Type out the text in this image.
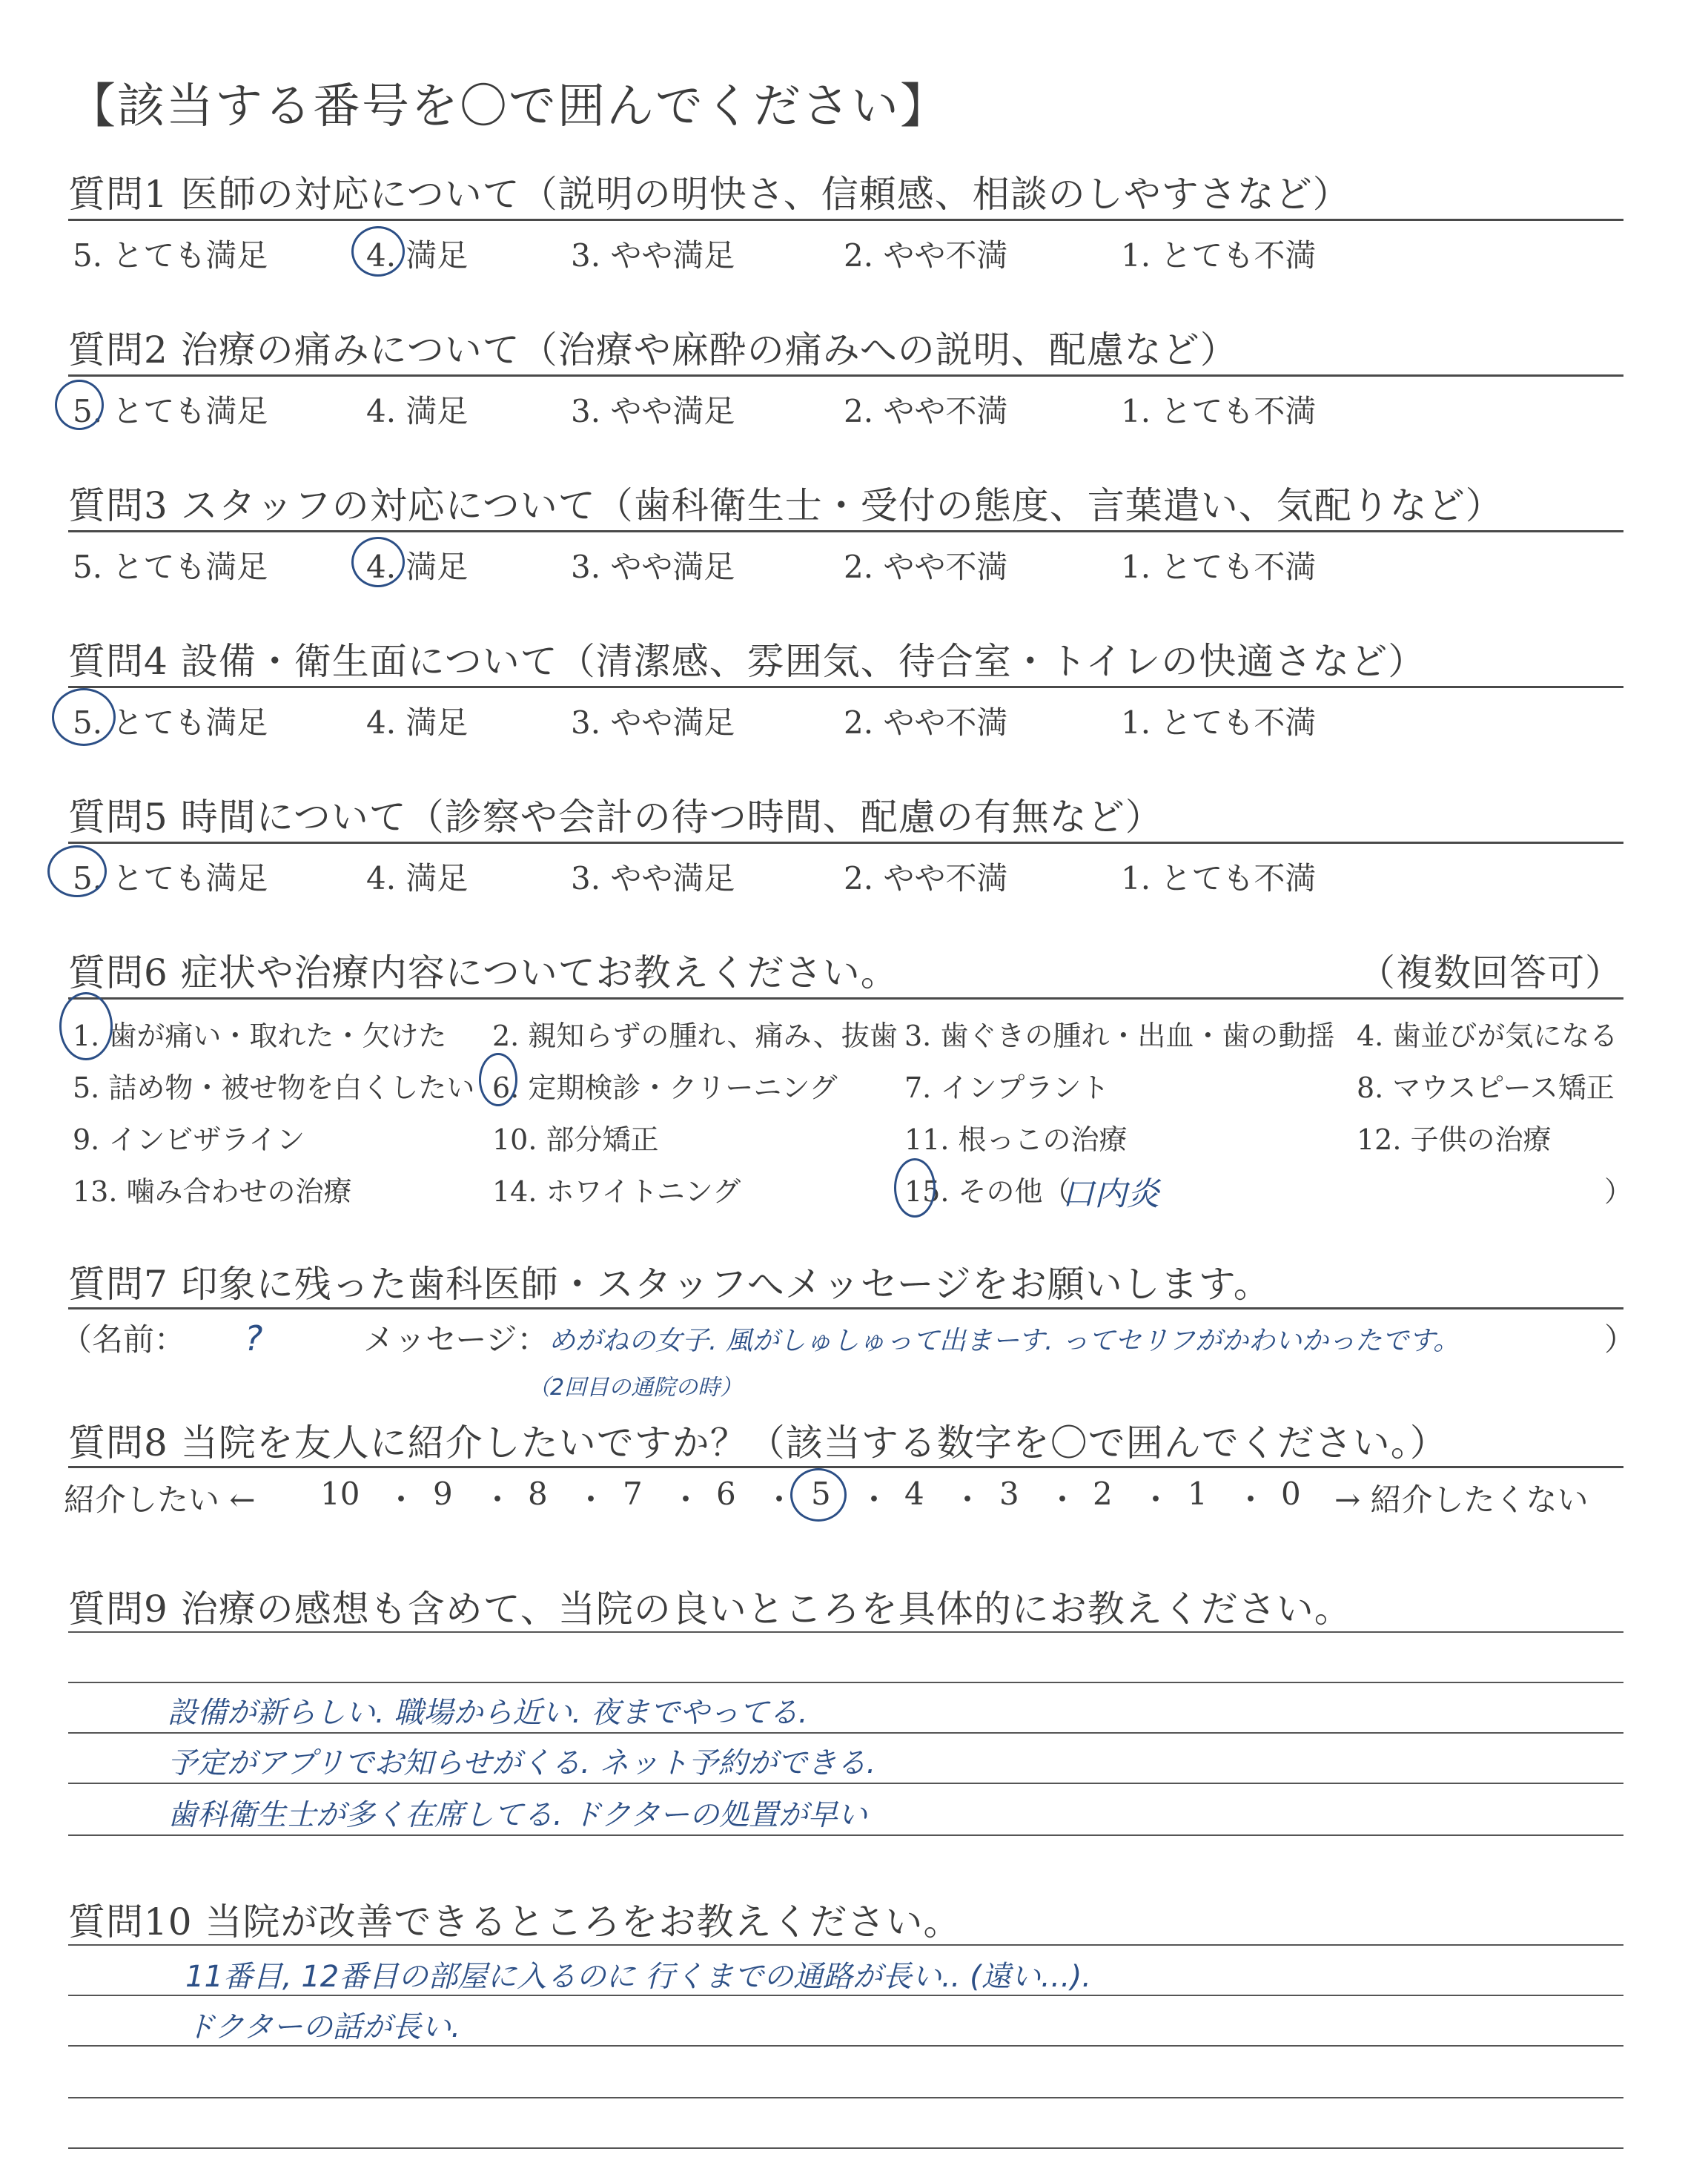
【該当する番号を〇で囲んでください】
質問1 医師の対応について（説明の明快さ、信頼感、相談のしやすさなど）
5. とても満足	4. 満足	3. やや満足	2. やや不満	1. とても不満
質問2 治療の痛みについて（治療や麻酔の痛みへの説明、配慮など）
5. とても満足	4. 満足	3. やや満足	2. やや不満	1. とても不満
質問3 スタッフの対応について（歯科衛生士・受付の態度、言葉遣い、気配りなど）
5. とても満足	4. 満足	3. やや満足	2. やや不満	1. とても不満
質問4 設備・衛生面について（清潔感、雰囲気、待合室・トイレの快適さなど）
5. とても満足	4. 満足	3. やや満足	2. やや不満	1. とても不満
質問5 時間について（診察や会計の待つ時間、配慮の有無など）
5. とても満足	4. 満足	3. やや満足	2. やや不満	1. とても不満
質問6 症状や治療内容についてお教えください。	（複数回答可）
1. 歯が痛い・取れた・欠けた 2. 親知らずの腫れ、痛み、抜歯 3. 歯ぐきの腫れ・出血・歯の動揺 4. 歯並びが気になる
5. 詰め物・被せ物を白くしたい 6. 定期検診・クリーニング 7. インプラント	8. マウスピース矯正
9. インビザライン	10. 部分矯正	11. 根っこの治療	12. 子供の治療
13. 噛み合わせの治療	14. ホワイトニング	15. その他（	）
口内炎
質問7 印象に残った歯科医師・スタッフへメッセージをお願いします。
（名前：	メッセージ：	）
?	めがねの女子. 風がしゅしゅって出まーす. ってセリフがかわいかったです。
（2回目の通院の時）
質問8 当院を友人に紹介したいですか？（該当する数字を〇で囲んでください。）
紹介したい ←	→ 紹介したくない
10 9 8 7 6 5 4 3 2 1 0
質問9 治療の感想も含めて、当院の良いところを具体的にお教えください。
設備が新らしい. 職場から近い. 夜までやってる.
予定がアプリでお知らせがくる. ネット予約ができる.
歯科衛生士が多く在席してる. ドクターの処置が早い
質問10 当院が改善できるところをお教えください。
11番目, 12番目の部屋に入るのに 行くまでの通路が長い.. (遠い…).
ドクターの話が長い.
・ ・ ・ ・ ・ ・ ・ ・ ・ ・
